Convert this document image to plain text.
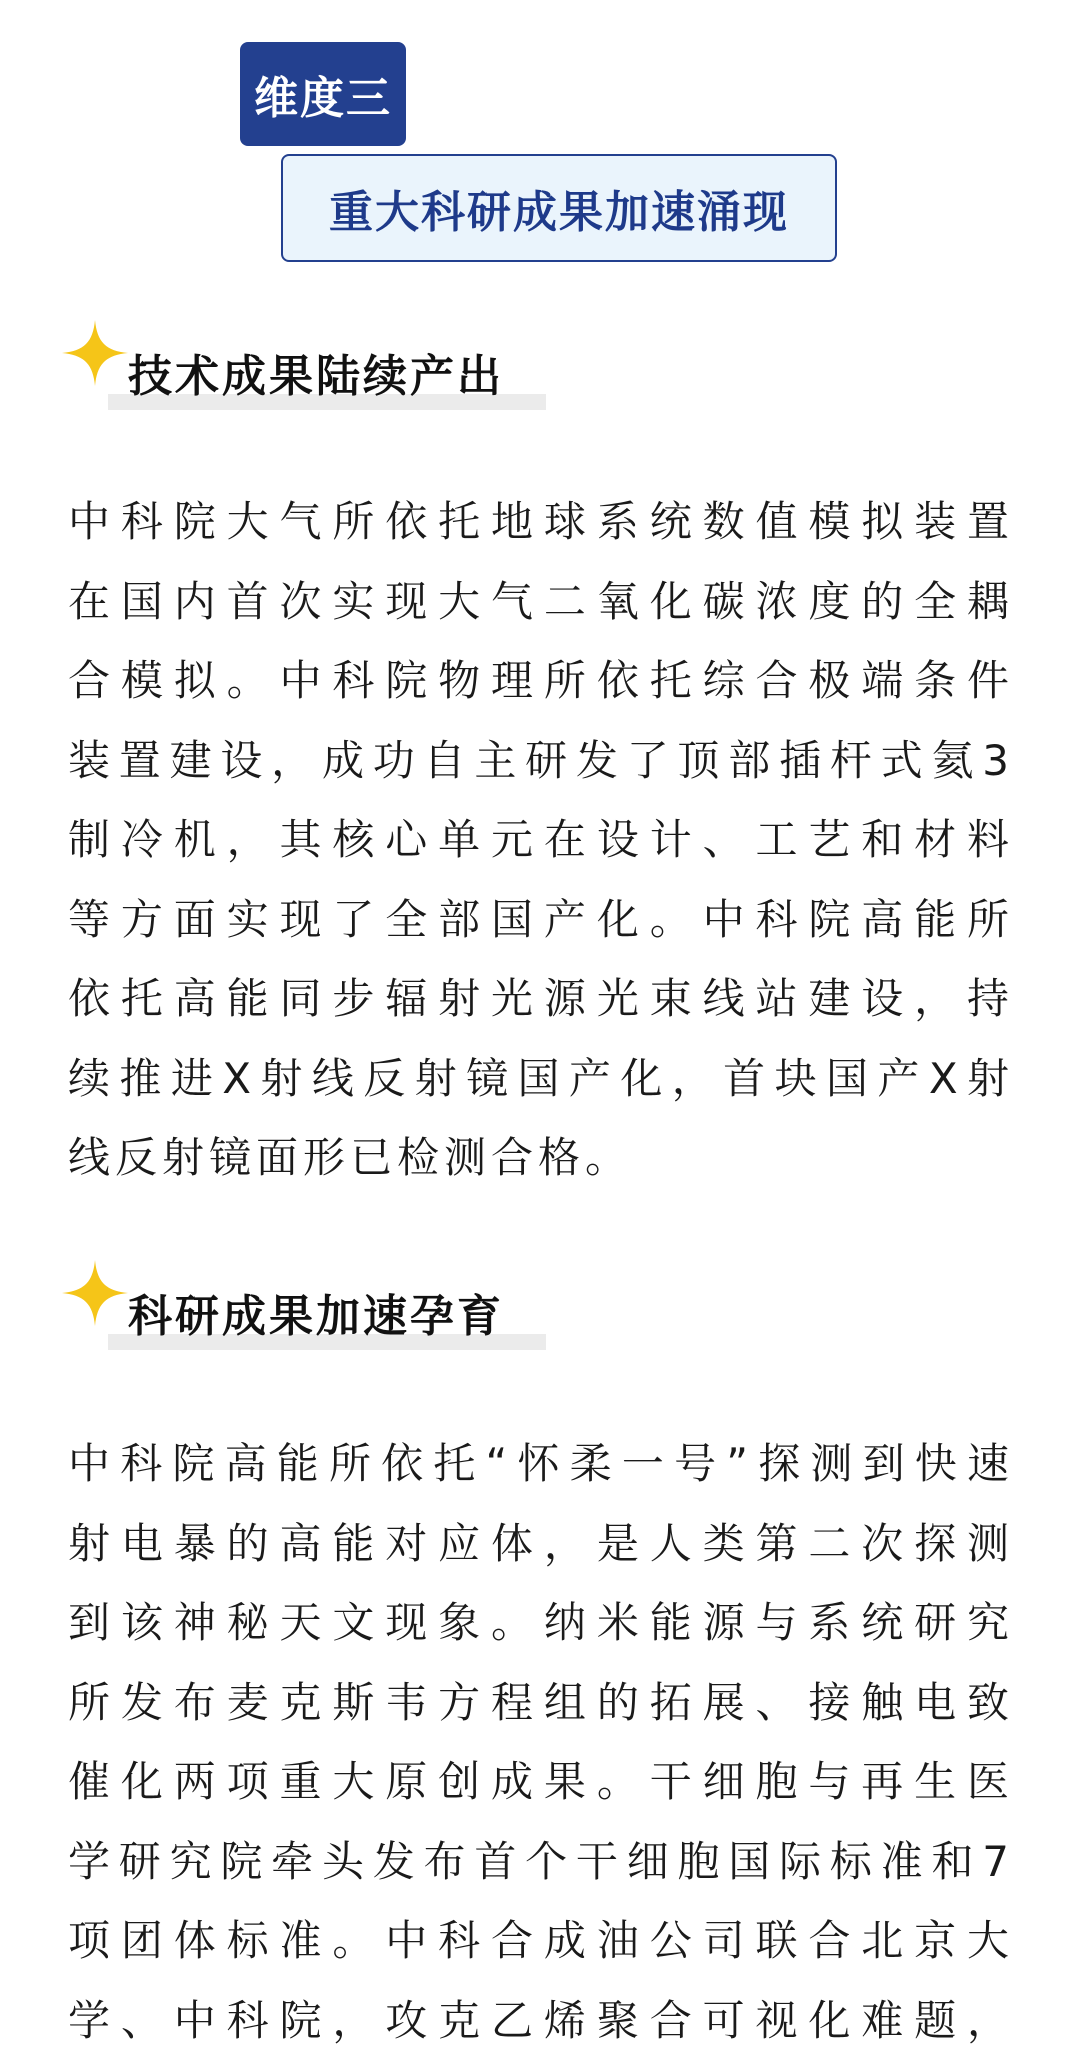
维度三
重大科研成果加速涌现
技术成果陆续产出
中科院大气所依托地球系统数值模拟装置
在国内首次实现大气二氧化碳浓度的全耦
合模拟。中科院物理所依托综合极端条件
装置建设，成功自主研发了顶部插杆式氦3
制冷机，其核心单元在设计、工艺和材料
等方面实现了全部国产化。中科院高能所
依托高能同步辐射光源光束线站建设，持
续推进X射线反射镜国产化，首块国产X射
线反射镜面形已检测合格。
科研成果加速孕育
中科院高能所依托“怀柔一号”探测到快速
射电暴的高能对应体，是人类第二次探测
到该神秘天文现象。纳米能源与系统研究
所发布麦克斯韦方程组的拓展、接触电致
催化两项重大原创成果。干细胞与再生医
学研究院牵头发布首个干细胞国际标准和7
项团体标准。中科合成油公司联合北京大
学、中科院，攻克乙烯聚合可视化难题，
